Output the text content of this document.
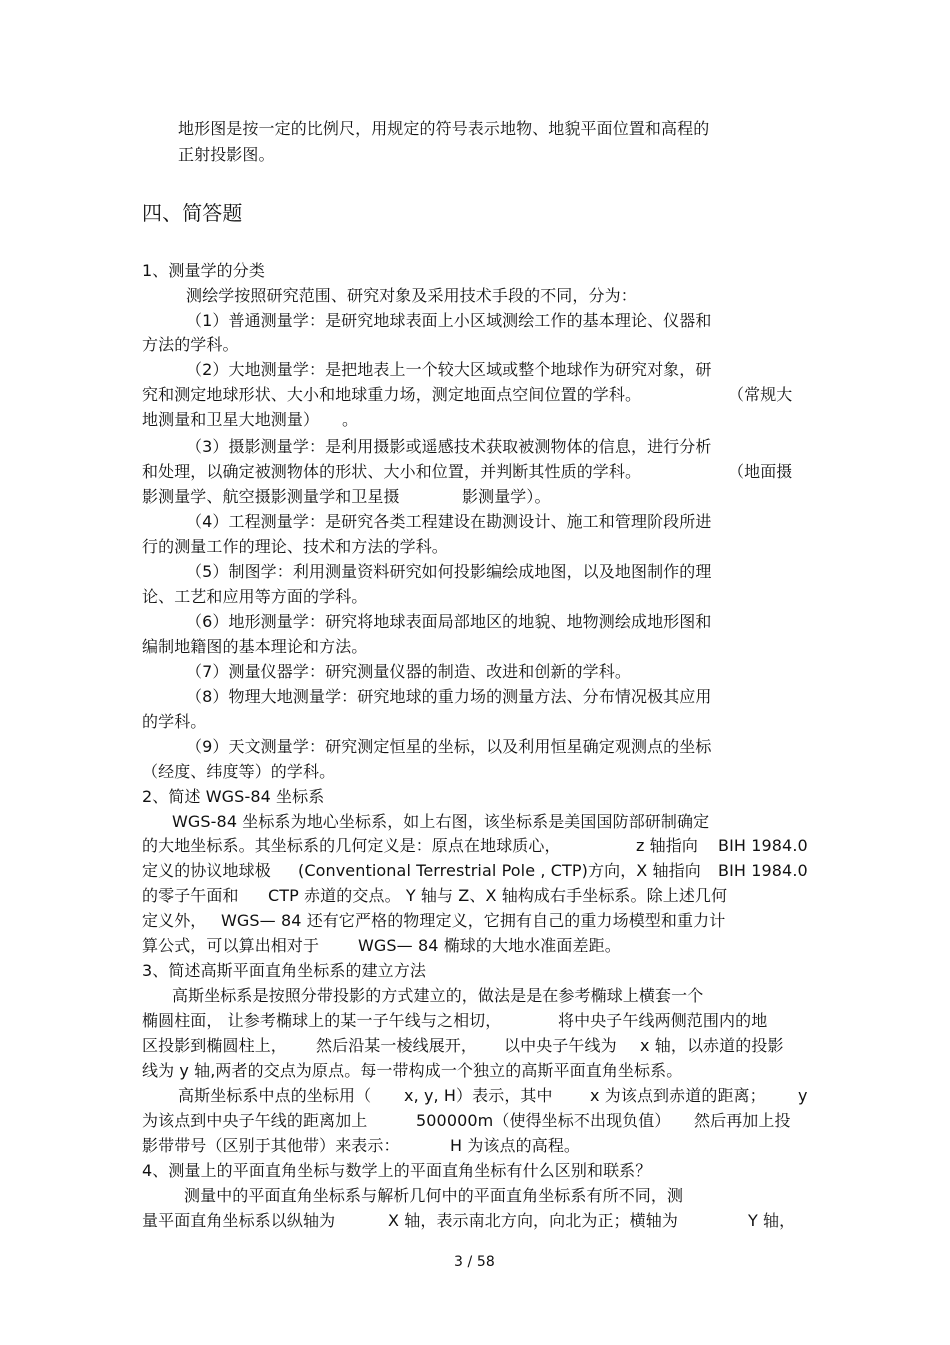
地形图是按一定的比例尺，用规定的符号表示地物、地貌平面位置和高程的
正射投影图。
四、简答题
1、测量学的分类
测绘学按照研究范围、研究对象及采用技术手段的不同，分为：
（1）普通测量学：是研究地球表面上小区域测绘工作的基本理论、仪器和
方法的学科。
（2）大地测量学：是把地表上一个较大区域或整个地球作为研究对象，研
究和测定地球形状、大小和地球重力场，测定地面点空间位置的学科。	（常规大
地测量和卫星大地测量） 。
（3）摄影测量学：是利用摄影或遥感技术获取被测物体的信息，进行分析
和处理，以确定被测物体的形状、大小和位置，并判断其性质的学科。	（地面摄
影测量学、航空摄影测量学和卫星摄	影测量学）。
（4）工程测量学：是研究各类工程建设在勘测设计、施工和管理阶段所进
行的测量工作的理论、技术和方法的学科。
（5）制图学：利用测量资料研究如何投影编绘成地图，以及地图制作的理
论、工艺和应用等方面的学科。
（6）地形测量学：研究将地球表面局部地区的地貌、地物测绘成地形图和
编制地籍图的基本理论和方法。
（7）测量仪器学：研究测量仪器的制造、改进和创新的学科。
（8）物理大地测量学：研究地球的重力场的测量方法、分布情况极其应用
的学科。
（9）天文测量学：研究测定恒星的坐标，以及利用恒星确定观测点的坐标
（经度、纬度等）的学科。
2、简述 WGS-84 坐标系
WGS-84 坐标系为地心坐标系，如上右图，该坐标系是美国国防部研制确定
的大地坐标系。其坐标系的几何定义是：原点在地球质心，	z 轴指向 BIH 1984.0
定义的协议地球极 (Conventional Terrestrial Pole , CTP) 方向，X 轴指向 BIH 1984.0
的零子午面和 CTP 赤道的交点。 Y 轴与 Z、X 轴构成右手坐标系。除上述几何
定义外， WGS— 84 还有它严格的物理定义，它拥有自己的重力场模型和重力计
算公式，可以算出相对于 WGS— 84 椭球的大地水准面差距。
3、简述高斯平面直角坐标系的建立方法
高斯坐标系是按照分带投影的方式建立的，做法是是在参考椭球上横套一个
椭圆柱面， 让参考椭球上的某一子午线与之相切，	将中央子午线两侧范围内的地
区投影到椭圆柱上， 然后沿某一棱线展开， 以中央子午线为 x 轴，以赤道的投影
线为 y 轴,两者的交点为原点。每一带构成一个独立的高斯平面直角坐标系。
高斯坐标系中点的坐标用（ x, y, H）表示，其中 x 为该点到赤道的距离； y
为该点到中央子午线的距离加上	500000m（使得坐标不出现负值） 然后再加上投
影带带号（区别于其他带）来表示：	H 为该点的高程。
4、测量上的平面直角坐标与数学上的平面直角坐标有什么区别和联系？
测量中的平面直角坐标系与解析几何中的平面直角坐标系有所不同，测
量平面直角坐标系以纵轴为	X 轴，表示南北方向，向北为正；横轴为	Y 轴，
3 / 58
